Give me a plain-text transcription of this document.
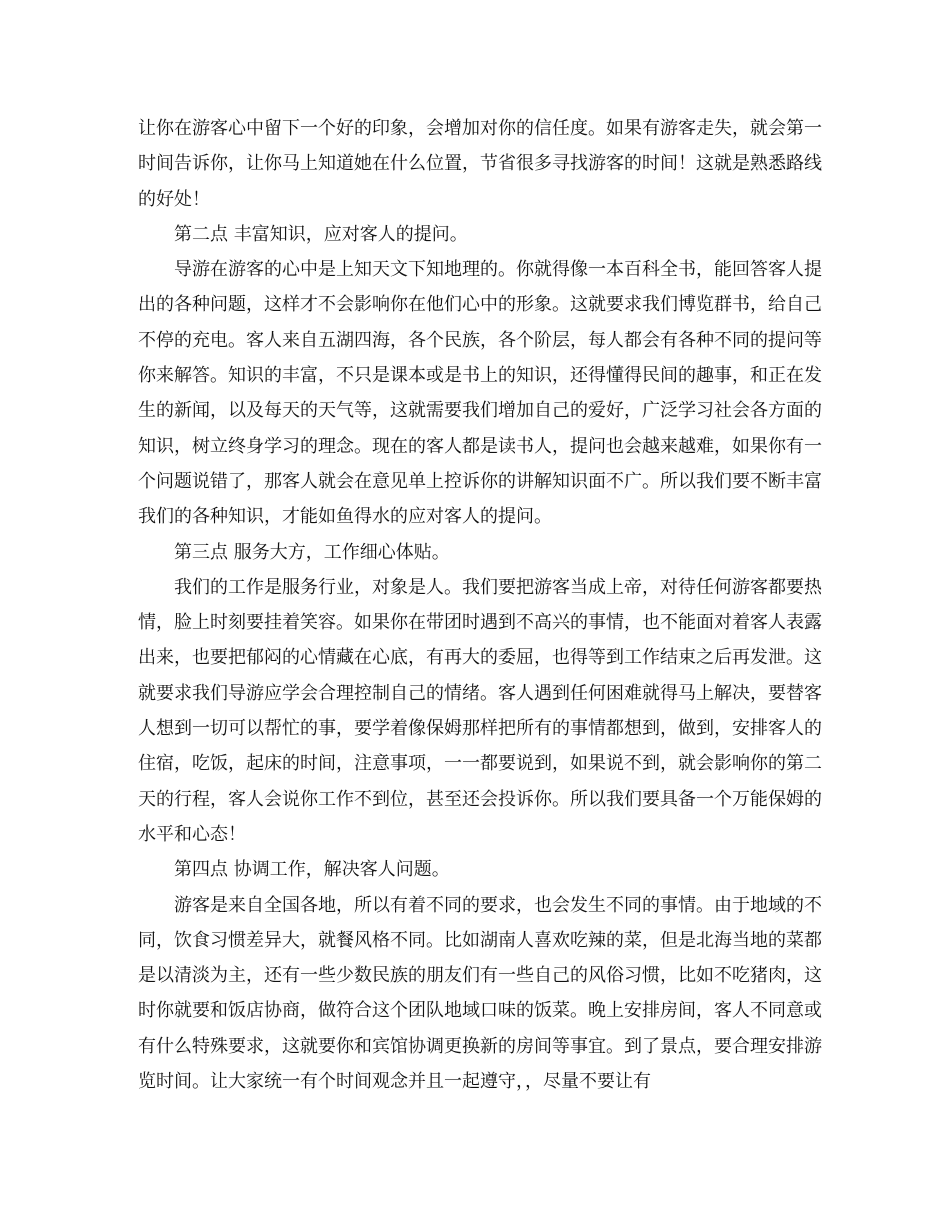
让你在游客心中留下一个好的印象，会增加对你的信任度。如果有游客走失，就会第一时间告诉你，让你马上知道她在什么位置，节省很多寻找游客的时间！这就是熟悉路线的好处！

第二点 丰富知识，应对客人的提问。

导游在游客的心中是上知天文下知地理的。你就得像一本百科全书，能回答客人提出的各种问题，这样才不会影响你在他们心中的形象。这就要求我们博览群书，给自己不停的充电。客人来自五湖四海，各个民族，各个阶层，每人都会有各种不同的提问等你来解答。知识的丰富，不只是课本或是书上的知识，还得懂得民间的趣事，和正在发生的新闻，以及每天的天气等，这就需要我们增加自己的爱好，广泛学习社会各方面的知识，树立终身学习的理念。现在的客人都是读书人，提问也会越来越难，如果你有一个问题说错了，那客人就会在意见单上控诉你的讲解知识面不广。所以我们要不断丰富我们的各种知识，才能如鱼得水的应对客人的提问。

第三点 服务大方，工作细心体贴。

我们的工作是服务行业，对象是人。我们要把游客当成上帝，对待任何游客都要热情，脸上时刻要挂着笑容。如果你在带团时遇到不高兴的事情，也不能面对着客人表露出来，也要把郁闷的心情藏在心底，有再大的委屈，也得等到工作结束之后再发泄。这就要求我们导游应学会合理控制自己的情绪。客人遇到任何困难就得马上解决，要替客人想到一切可以帮忙的事，要学着像保姆那样把所有的事情都想到，做到，安排客人的住宿，吃饭，起床的时间，注意事项，一一都要说到，如果说不到，就会影响你的第二天的行程，客人会说你工作不到位，甚至还会投诉你。所以我们要具备一个万能保姆的水平和心态！

第四点 协调工作，解决客人问题。

游客是来自全国各地，所以有着不同的要求，也会发生不同的事情。由于地域的不同，饮食习惯差异大，就餐风格不同。比如湖南人喜欢吃辣的菜，但是北海当地的菜都是以清淡为主，还有一些少数民族的朋友们有一些自己的风俗习惯，比如不吃猪肉，这时你就要和饭店协商，做符合这个团队地域口味的饭菜。晚上安排房间，客人不同意或有什么特殊要求，这就要你和宾馆协调更换新的房间等事宜。到了景点，要合理安排游览时间。让大家统一有个时间观念并且一起遵守，，尽量不要让有
